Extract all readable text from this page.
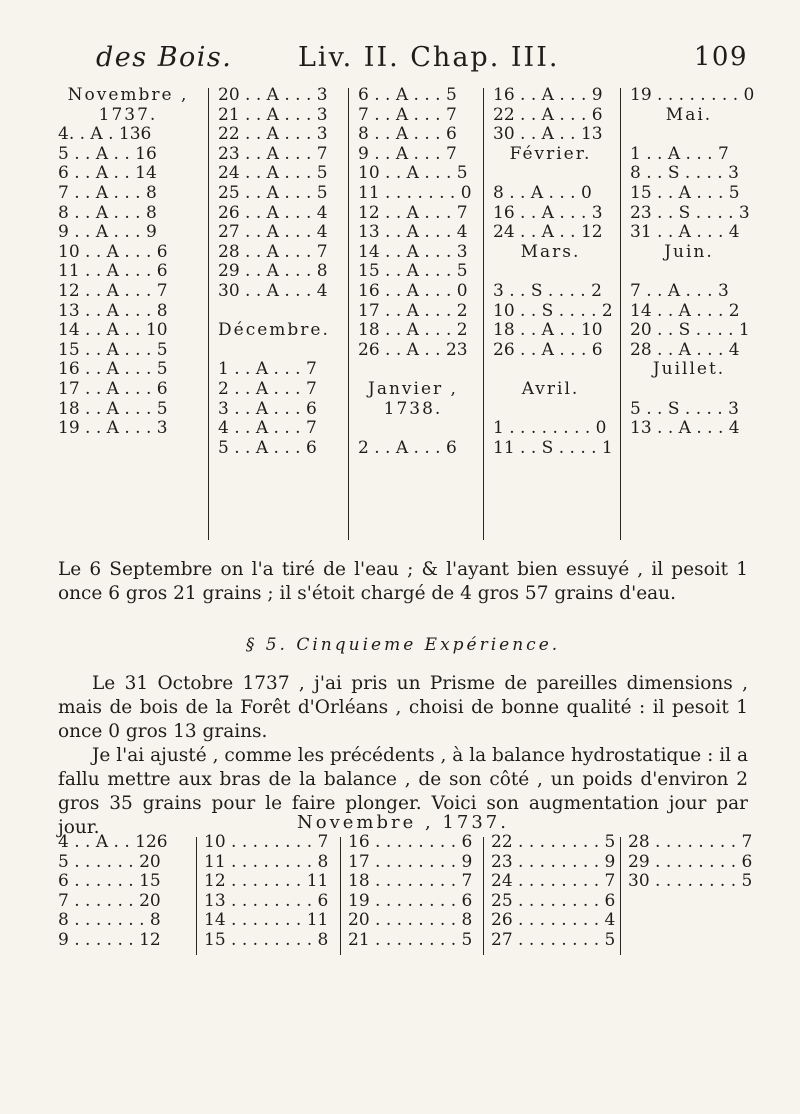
des Bois. Liv. II. Chap. III.	109
Novembre ,
1737.
4. . A . 136
5 . . A . . 16
6 . . A . . 14
7 . . A . . . 8
8 . . A . . . 8
9 . . A . . . 9
10 . . A . . . 6
11 . . A . . . 6
12 . . A . . . 7
13 . . A . . . 8
14 . . A . . 10
15 . . A . . . 5
16 . . A . . . 5
17 . . A . . . 6
18 . . A . . . 5
19 . . A . . . 3
20 . . A . . . 3
21 . . A . . . 3
22 . . A . . . 3
23 . . A . . . 7
24 . . A . . . 5
25 . . A . . . 5
26 . . A . . . 4
27 . . A . . . 4
28 . . A . . . 7
29 . . A . . . 8
30 . . A . . . 4
Décembre.
1 . . A . . . 7
2 . . A . . . 7
3 . . A . . . 6
4 . . A . . . 7
5 . . A . . . 6
6 . . A . . . 5
7 . . A . . . 7
8 . . A . . . 6
9 . . A . . . 7
10 . . A . . . 5
11 . . . . . . . 0
12 . . A . . . 7
13 . . A . . . 4
14 . . A . . . 3
15 . . A . . . 5
16 . . A . . . 0
17 . . A . . . 2
18 . . A . . . 2
26 . . A . . 23
Janvier ,
1738.
2 . . A . . . 6
16 . . A . . . 9
22 . . A . . . 6
30 . . A . . 13
Février.
8 . . A . . . 0
16 . . A . . . 3
24 . . A . . 12
Mars.
3 . . S . . . . 2
10 . . S . . . . 2
18 . . A . . 10
26 . . A . . . 6
Avril.
1 . . . . . . . . 0
11 . . S . . . . 1
19 . . . . . . . . 0
Mai.
1 . . A . . . 7
8 . . S . . . . 3
15 . . A . . . 5
23 . . S . . . . 3
31 . . A . . . 4
Juin.
7 . . A . . . 3
14 . . A . . . 2
20 . . S . . . . 1
28 . . A . . . 4
Juillet.
5 . . S . . . . 3
13 . . A . . . 4
Le 6 Septembre on l'a tiré de l'eau ; & l'ayant bien essuyé , il pesoit 1 once 6 gros 21 grains ; il s'étoit chargé de 4 gros 57 grains d'eau.
§ 5. Cinquieme Expérience.

Le 31 Octobre 1737 , j'ai pris un Prisme de pareilles dimensions , mais de bois de la Forêt d'Orléans , choisi de bonne qualité : il pesoit 1 once 0 gros 13 grains.

Je l'ai ajusté , comme les précédents , à la balance hydrostatique : il a fallu mettre aux bras de la balance , de son côté , un poids d'environ 2 gros 35 grains pour le faire plonger. Voici son augmentation jour par jour.	Novembre , 1737.
4 . . A . . 126
5 . . . . . . 20
6 . . . . . . 15
7 . . . . . . 20
8 . . . . . . . 8
9 . . . . . . 12
10 . . . . . . . . 7
11 . . . . . . . . 8
12 . . . . . . . 11
13 . . . . . . . . 6
14 . . . . . . . 11
15 . . . . . . . . 8
16 . . . . . . . . 6
17 . . . . . . . . 9
18 . . . . . . . . 7
19 . . . . . . . . 6
20 . . . . . . . . 8
21 . . . . . . . . 5
22 . . . . . . . . 5
23 . . . . . . . . 9
24 . . . . . . . . 7
25 . . . . . . . . 6
26 . . . . . . . . 4
27 . . . . . . . . 5
28 . . . . . . . . 7
29 . . . . . . . . 6
30 . . . . . . . . 5
